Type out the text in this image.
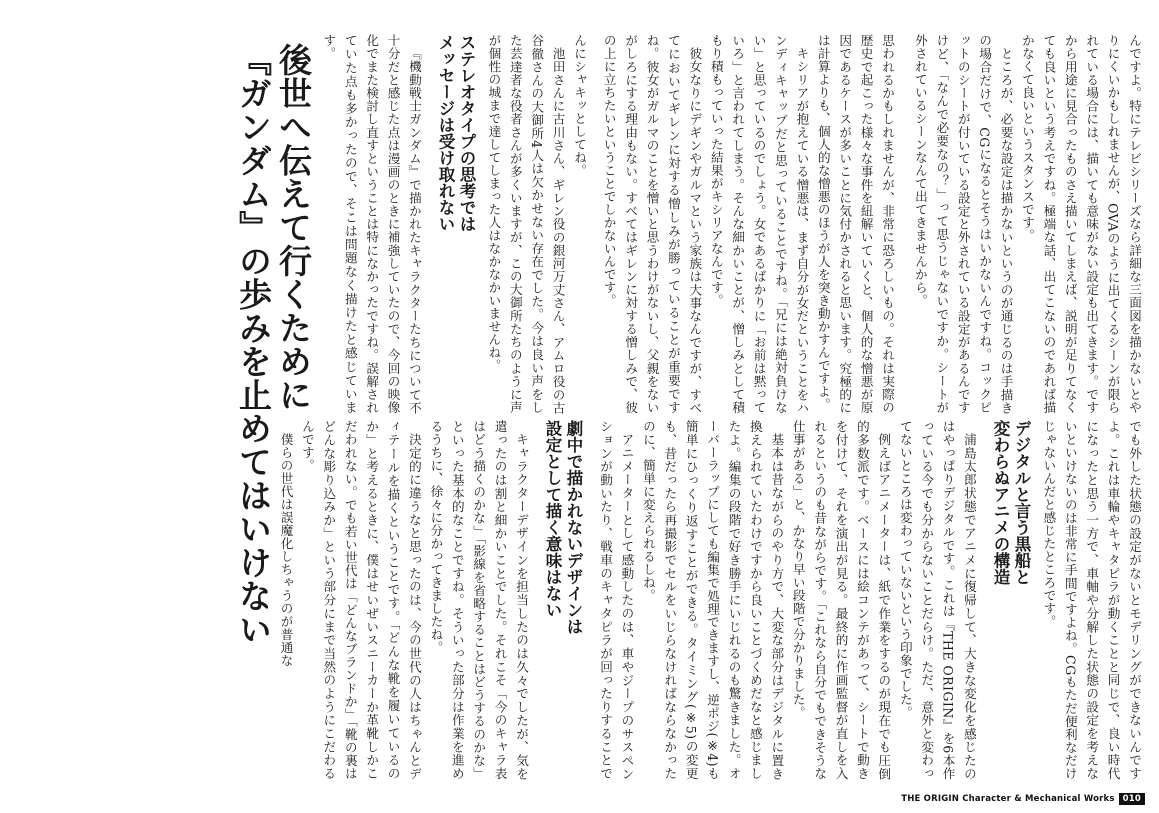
後世へ伝えて行くために
『ガンダム』の歩みを止めてはいけない	んにシャキッとしてね。
池田さんに古川さん、ギレン役の銀河万丈さん、アムロ役の古谷徹さんの大御所4人は欠かせない存在でした。今は良い声をした芸達者な役者さんが多くいますが、この大御所たちのように声が個性の城まで達してしまった人はなかなかいませんね。
ステレオタイプの思考では
メッセージは受け取れない
『機動戦士ガンダム』で描かれたキャラクターたちについて不十分だと感じた点は漫画のときに補強していたので、今回の映像化でまた検討し直すということは特になかったですね。誤解されていた点も多かったので、そこは問題なく描けたと感じています。
劇中で描かれないデザインは
設定として描く意味はない
キャラクターデザインを担当したのは久々でしたが、気を遣ったのは割と細かいことでした。それこそ「今のキャラ表はどう描くのかな」「影線を省略することはどうするのかな」といった基本的なことですね。そういった部分は作業を進めるうちに、徐々に分かってきましたね。
決定的に違うなと思ったのは、今の世代の人はちゃんとディテールを描くということです。「どんな靴を履いているのか」と考えるときに、僕はせいぜいスニーカーか革靴しかこだわれない。でも若い世代は「どんなブランドか」「靴の裏はどんな彫り込みか」という部分にまで当然のようにこだわるんです。
僕らの世代は誤魔化しちゃうのが普通な
思われるかもしれませんが、非常に恐ろしいもの。それは実際の歴史で起こった様々な事件を紐解いていくと、個人的な憎悪が原因であるケースが多いことに気付かされると思います。究極的には計算よりも、個人的な憎悪のほうが人を突き動かすんですよ。
キシリアが抱えている憎悪は、まず自分が女だということをハンディキャップだと思っていることですね。「兄には絶対負けない」と思っているのでしょう。女であるばかりに「お前は黙っていろ」と言われてしまう。そんな細かいことが、憎しみとして積もり積もっていった結果がキシリアなんです。
彼女なりにデギンやガルマという家族は大事なんですが、すべてにおいてギレンに対する憎しみが勝っていることが重要ですね。彼女がガルマのことを憎いと思うわけがないし、父親をないがしろにする理由もない。すべてはギレンに対する憎しみで、彼の上に立ちたいということでしかないんです。	んですよ。特にテレビシリーズなら詳細な三面図を描かないとやりにくいかもしれませんが、OVAのように出てくるシーンが限られている場合には、描いても意味がない設定も出てきます。ですから用途に見合ったものさえ描いてしまえば、説明が足りてなくても良いという考えですね。極端な話、出てこないのであれば描かなくて良いというスタンスです。
ところが、必要な設定は描かないというのが通じるのは手描きの場合だけで、CGになるとそうはいかないんですね。コックピットのシートが付いている設定と外されている設定があるんですけど、「なんで必要なの？」って思うじゃないですか。シートが外されているシーンなんて出てきませんから。
でも外した状態の設定がないとモデリングができないんですよ。これは車輪やキャタピラが動くことと同じで、良い時代になったと思う一方で、車軸や分解した状態の設定を考えないといけないのは非常に手間ですよね。CGもただ便利なだけじゃないんだと感じたところです。
デジタルと言う黒船と
変わらぬアニメの構造
浦島太郎状態でアニメに復帰して、大きな変化を感じたのはやっぱりデジタルです。これは『THE ORIGIN』を6本作っている今でも分からないことだらけ。ただ、意外と変わってないところは変わっていないという印象でした。
例えばアニメーターは、紙で作業をするのが現在でも圧倒的多数派です。ベースには絵コンテがあって、シートで動きを付けて、それを演出が見る。最終的に作画監督が直しを入れるというのも昔ながらです。「これなら自分でもできそうな仕事がある」と、かなり早い段階で分かりました。
基本は昔ながらのやり方で、大変な部分はデジタルに置き換えられていたわけですから良いことづくめだなと感じましたよ。編集の段階で好き勝手にいじれるのも驚きました。オーバーラップにしても編集で処理できますし、逆ポジ(※4)も簡単にひっくり返すことができる。タイミング(※5)の変更も、昔だったら再撮影でセルをいじらなければならなかったのに、簡単に変えられるしね。
アニメーターとして感動したのは、車やジープのサスペンションが動いたり、戦車のキャタピラが回ったりすることで
THE ORIGIN Character & Mechanical Works 010
